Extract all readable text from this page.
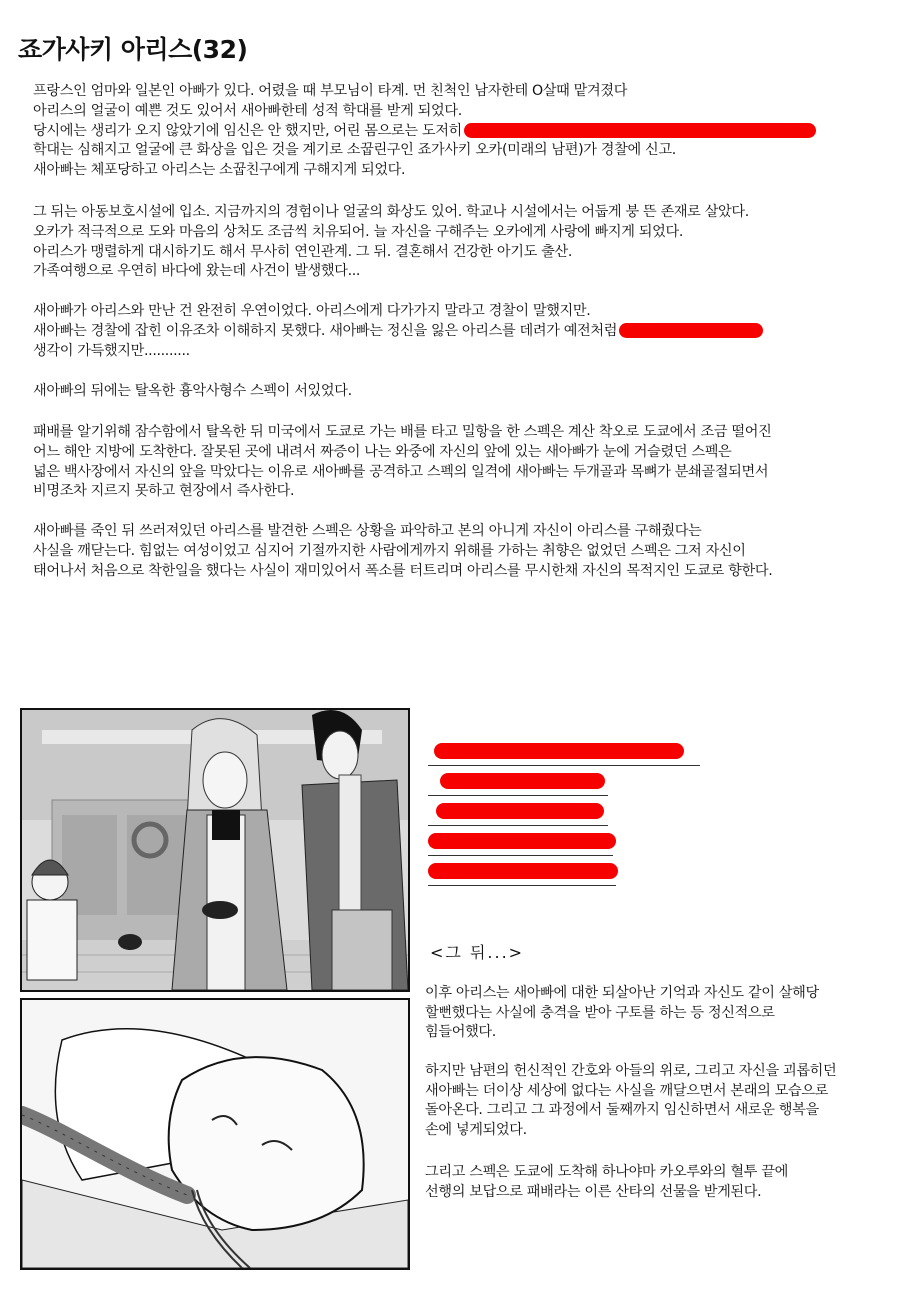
죠가사키 아리스(32)
프랑스인 엄마와 일본인 아빠가 있다. 어렸을 때 부모님이 타계. 먼 친척인 남자한테 O살때 맡겨졌다
아리스의 얼굴이 예쁜 것도 있어서 새아빠한테 성적 학대를 받게 되었다.
당시에는 생리가 오지 않았기에 임신은 안 했지만, 어린 몸으로는 도저히
학대는 심해지고 얼굴에 큰 화상을 입은 것을 계기로 소꿉린구인 죠가사키 오카(미래의 남편)가 경찰에 신고.
새아빠는 체포당하고 아리스는 소꿉친구에게 구해지게 되었다.
그 뒤는 아동보호시설에 입소. 지금까지의 경험이나 얼굴의 화상도 있어. 학교나 시설에서는 어둡게 붕 뜬 존재로 살았다.
오카가 적극적으로 도와 마음의 상처도 조금씩 치유되어. 늘 자신을 구해주는 오카에게 사랑에 빠지게 되었다.
아리스가 맹렬하게 대시하기도 해서 무사히 연인관계. 그 뒤. 결혼해서 건강한 아기도 출산.
가족여행으로 우연히 바다에 왔는데 사건이 발생했다...
새아빠가 아리스와 만난 건 완전히 우연이었다. 아리스에게 다가가지 말라고 경찰이 말했지만.
새아빠는 경찰에 잡힌 이유조차 이해하지 못했다. 새아빠는 정신을 잃은 아리스를 데려가 예전처럼
생각이 가득했지만...........
새아빠의 뒤에는 탈옥한 흉악사형수 스펙이 서있었다.
패배를 알기위해 잠수함에서 탈옥한 뒤 미국에서 도쿄로 가는 배를 타고 밀항을 한 스펙은 계산 착오로 도쿄에서 조금 떨어진
어느 해안 지방에 도착한다. 잘못된 곳에 내려서 짜증이 나는 와중에 자신의 앞에 있는 새아빠가 눈에 거슬렸던 스펙은
넓은 백사장에서 자신의 앞을 막았다는 이유로 새아빠를 공격하고 스펙의 일격에 새아빠는 두개골과 목뼈가 분쇄골절되면서
비명조차 지르지 못하고 현장에서 즉사한다.
새아빠를 죽인 뒤 쓰러져있던 아리스를 발견한 스펙은 상황을 파악하고 본의 아니게 자신이 아리스를 구해줬다는
사실을 깨닫는다. 힘없는 여성이었고 심지어 기절까지한 사람에게까지 위해를 가하는 취향은 없었던 스펙은 그저 자신이
태어나서 처음으로 착한일을 했다는 사실이 재미있어서 폭소를 터트리며 아리스를 무시한채 자신의 목적지인 도쿄로 향한다.
<그 뒤...>
이후 아리스는 새아빠에 대한 되살아난 기억과 자신도 같이 살해당
할뻔했다는 사실에 충격을 받아 구토를 하는 등 정신적으로
힘들어했다.
하지만 남편의 헌신적인 간호와 아들의 위로, 그리고 자신을 괴롭히던
새아빠는 더이상 세상에 없다는 사실을 깨달으면서 본래의 모습으로
돌아온다. 그리고 그 과정에서 둘째까지 임신하면서 새로운 행복을
손에 넣게되었다.
그리고 스펙은 도쿄에 도착해 하나야마 카오루와의 혈투 끝에
선행의 보답으로 패배라는 이른 산타의 선물을 받게된다.
